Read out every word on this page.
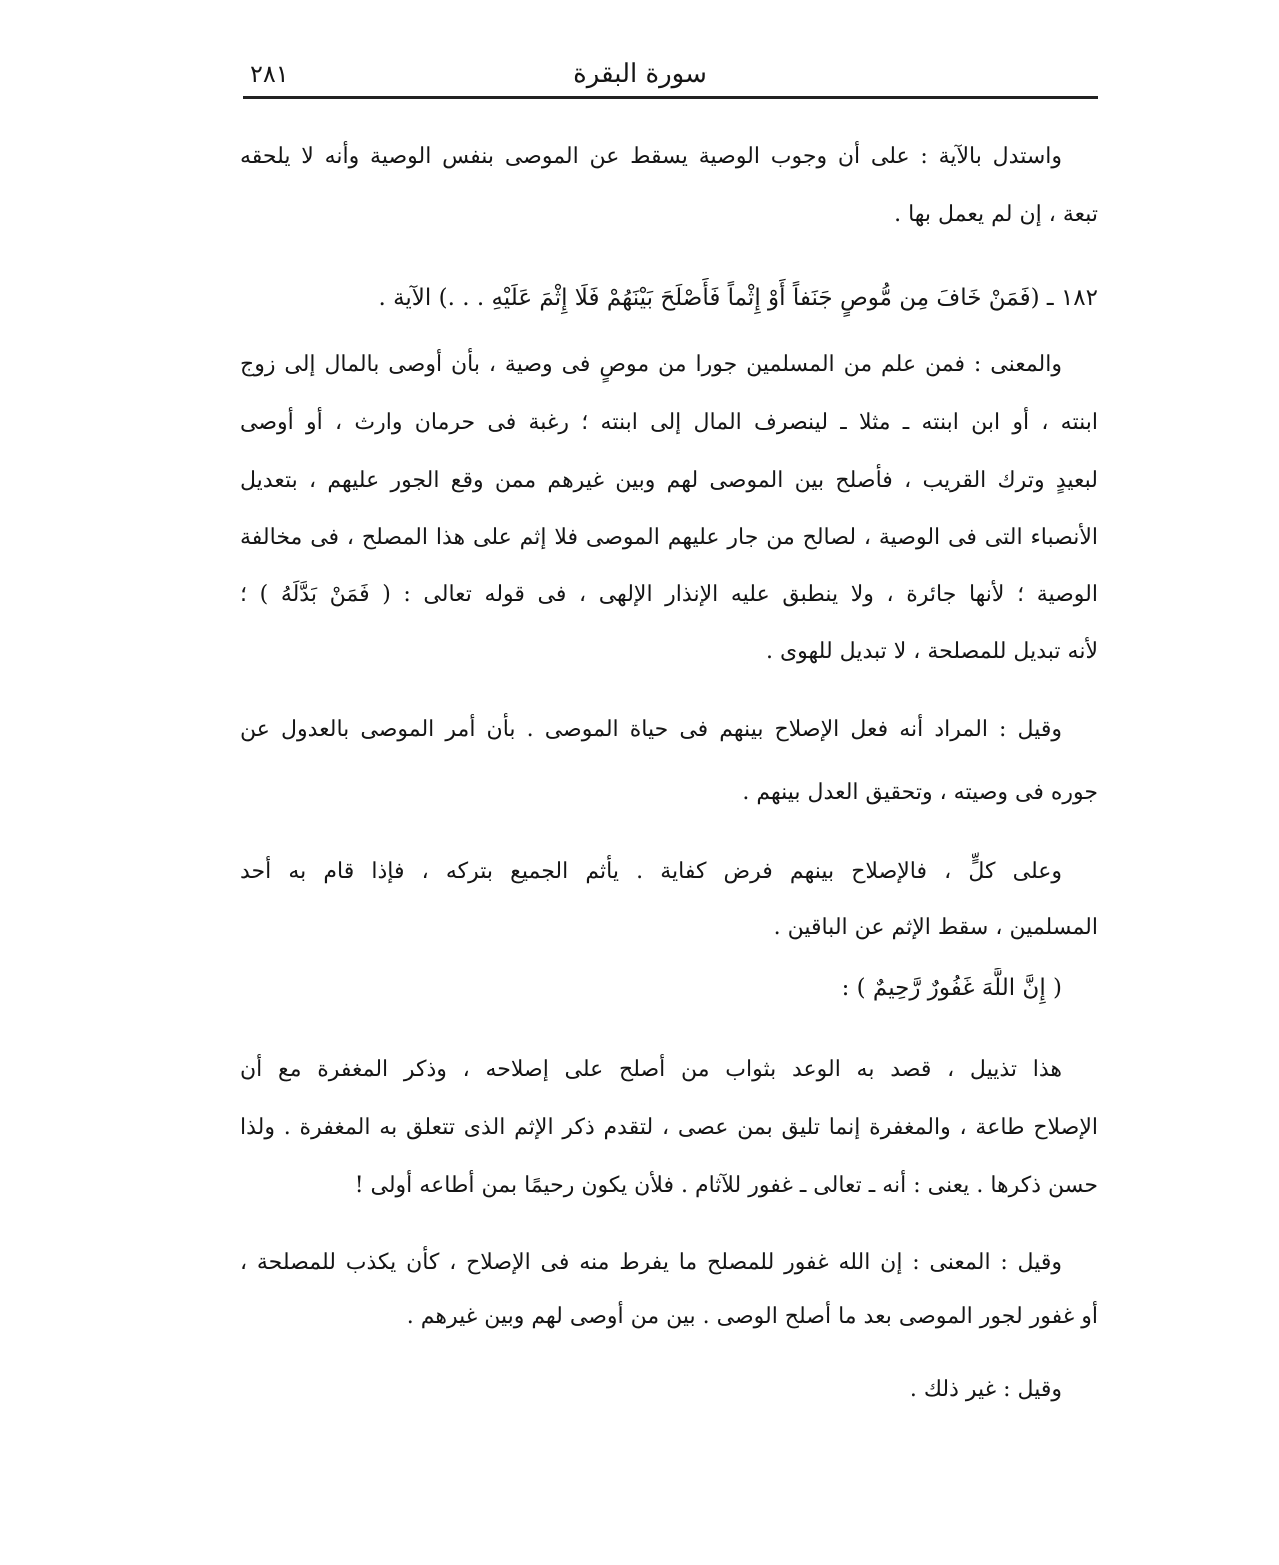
سورة البقرة
٢٨١
واستدل بالآية : على أن وجوب الوصية يسقط عن الموصى بنفس الوصية وأنه لا يلحقه
تبعة ، إن لم يعمل بها .
١٨٢ ـ (فَمَنْ خَافَ مِن مُّوصٍ جَنَفاً أَوْ إِثْماً فَأَصْلَحَ بَيْنَهُمْ فَلَا إِثْمَ عَلَيْهِ . . .) الآية .
والمعنى : فمن علم من المسلمين جورا من موصٍ فى وصية ، بأن أوصى بالمال إلى زوج
ابنته ، أو ابن ابنته ـ مثلا ـ لينصرف المال إلى ابنته ؛ رغبة فى حرمان وارث ، أو أوصى
لبعيدٍ وترك القريب ، فأصلح بين الموصى لهم وبين غيرهم ممن وقع الجور عليهم ، بتعديل
الأنصباء التى فى الوصية ، لصالح من جار عليهم الموصى فلا إثم على هذا المصلح ، فى مخالفة
الوصية ؛ لأنها جائرة ، ولا ينطبق عليه الإنذار الإلهى ، فى قوله تعالى : ( فَمَنْ بَدَّلَهُ ) ؛
لأنه تبديل للمصلحة ، لا تبديل للهوى .
وقيل : المراد أنه فعل الإصلاح بينهم فى حياة الموصى . بأن أمر الموصى بالعدول عن
جوره فى وصيته ، وتحقيق العدل بينهم .
وعلى كلٍّ ، فالإصلاح بينهم فرض كفاية . يأثم الجميع بتركه ، فإذا قام به أحد
المسلمين ، سقط الإثم عن الباقين .
( إِنَّ اللَّهَ غَفُورٌ رَّحِيمٌ ) :
هذا تذييل ، قصد به الوعد بثواب من أصلح على إصلاحه ، وذكر المغفرة مع أن
الإصلاح طاعة ، والمغفرة إنما تليق بمن عصى ، لتقدم ذكر الإثم الذى تتعلق به المغفرة . ولذا
حسن ذكرها . يعنى : أنه ـ تعالى ـ غفور للآثام . فلأن يكون رحيمًا بمن أطاعه أولى !
وقيل : المعنى : إن الله غفور للمصلح ما يفرط منه فى الإصلاح ، كأن يكذب للمصلحة ،
أو غفور لجور الموصى بعد ما أصلح الوصى . بين من أوصى لهم وبين غيرهم .
وقيل : غير ذلك .
